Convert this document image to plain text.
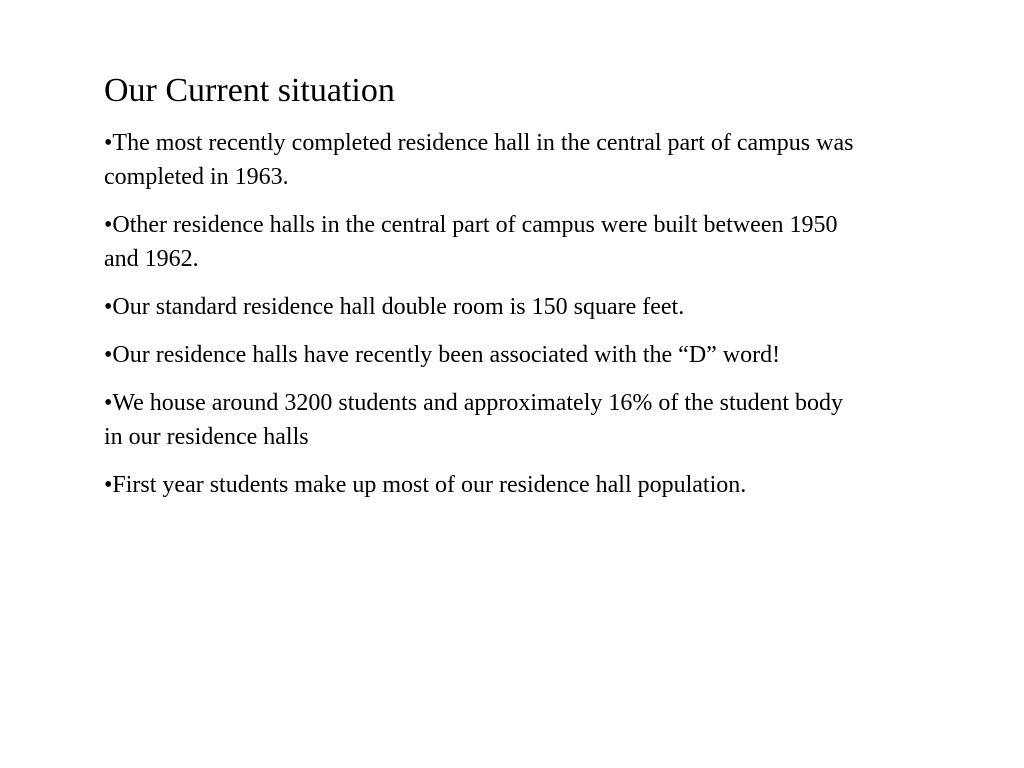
Our Current situation
•The most recently completed residence hall in the central part of campus was completed in 1963.
•Other residence halls in the central part of campus were built between 1950 and 1962.
•Our standard residence hall double room is 150 square feet.
•Our residence halls have recently been associated with the “D” word!
•We house around 3200 students and approximately 16% of the student body in our residence halls
•First year students make up most of our residence hall population.
